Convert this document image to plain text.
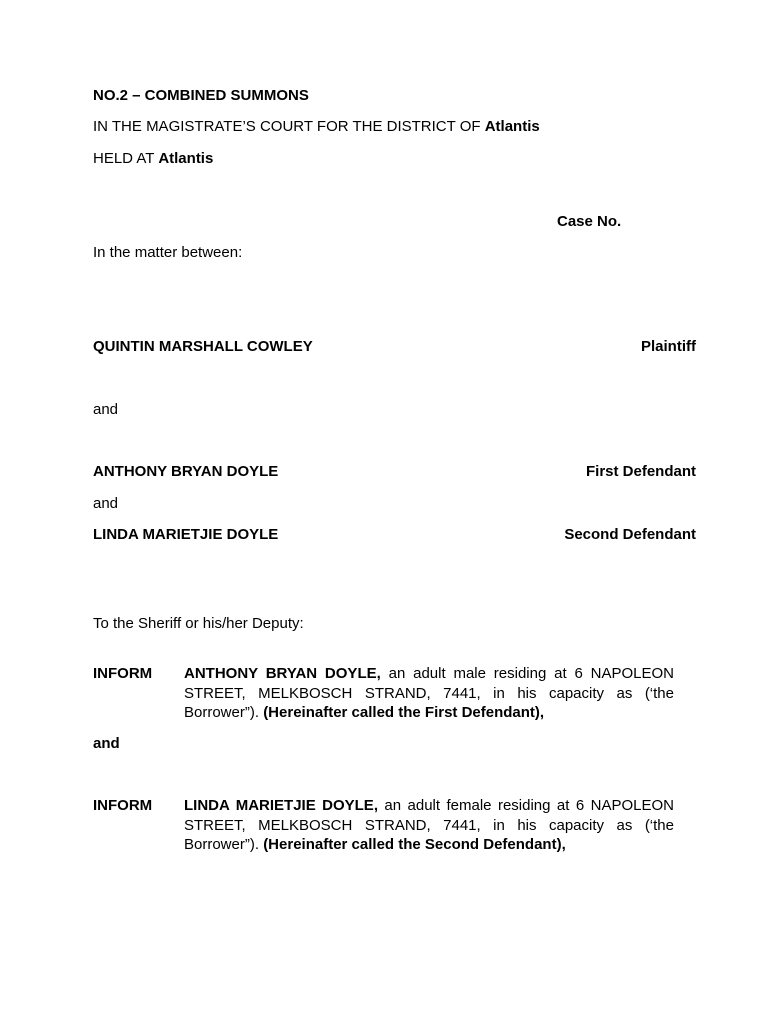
NO.2 – COMBINED SUMMONS
IN THE MAGISTRATE’S COURT FOR THE DISTRICT OF Atlantis
HELD AT Atlantis
Case No.
In the matter between:
QUINTIN MARSHALL COWLEY	Plaintiff
and
ANTHONY BRYAN DOYLE	First Defendant
and
LINDA MARIETJIE DOYLE	Second Defendant
To the Sheriff or his/her Deputy:
INFORM ANTHONY BRYAN DOYLE, an adult male residing at 6 NAPOLEON STREET, MELKBOSCH STRAND, 7441, in his capacity as (‘the Borrower”). (Hereinafter called the First Defendant),
and
INFORM LINDA MARIETJIE DOYLE, an adult female residing at 6 NAPOLEON STREET, MELKBOSCH STRAND, 7441, in his capacity as (‘the Borrower”). (Hereinafter called the Second Defendant),
